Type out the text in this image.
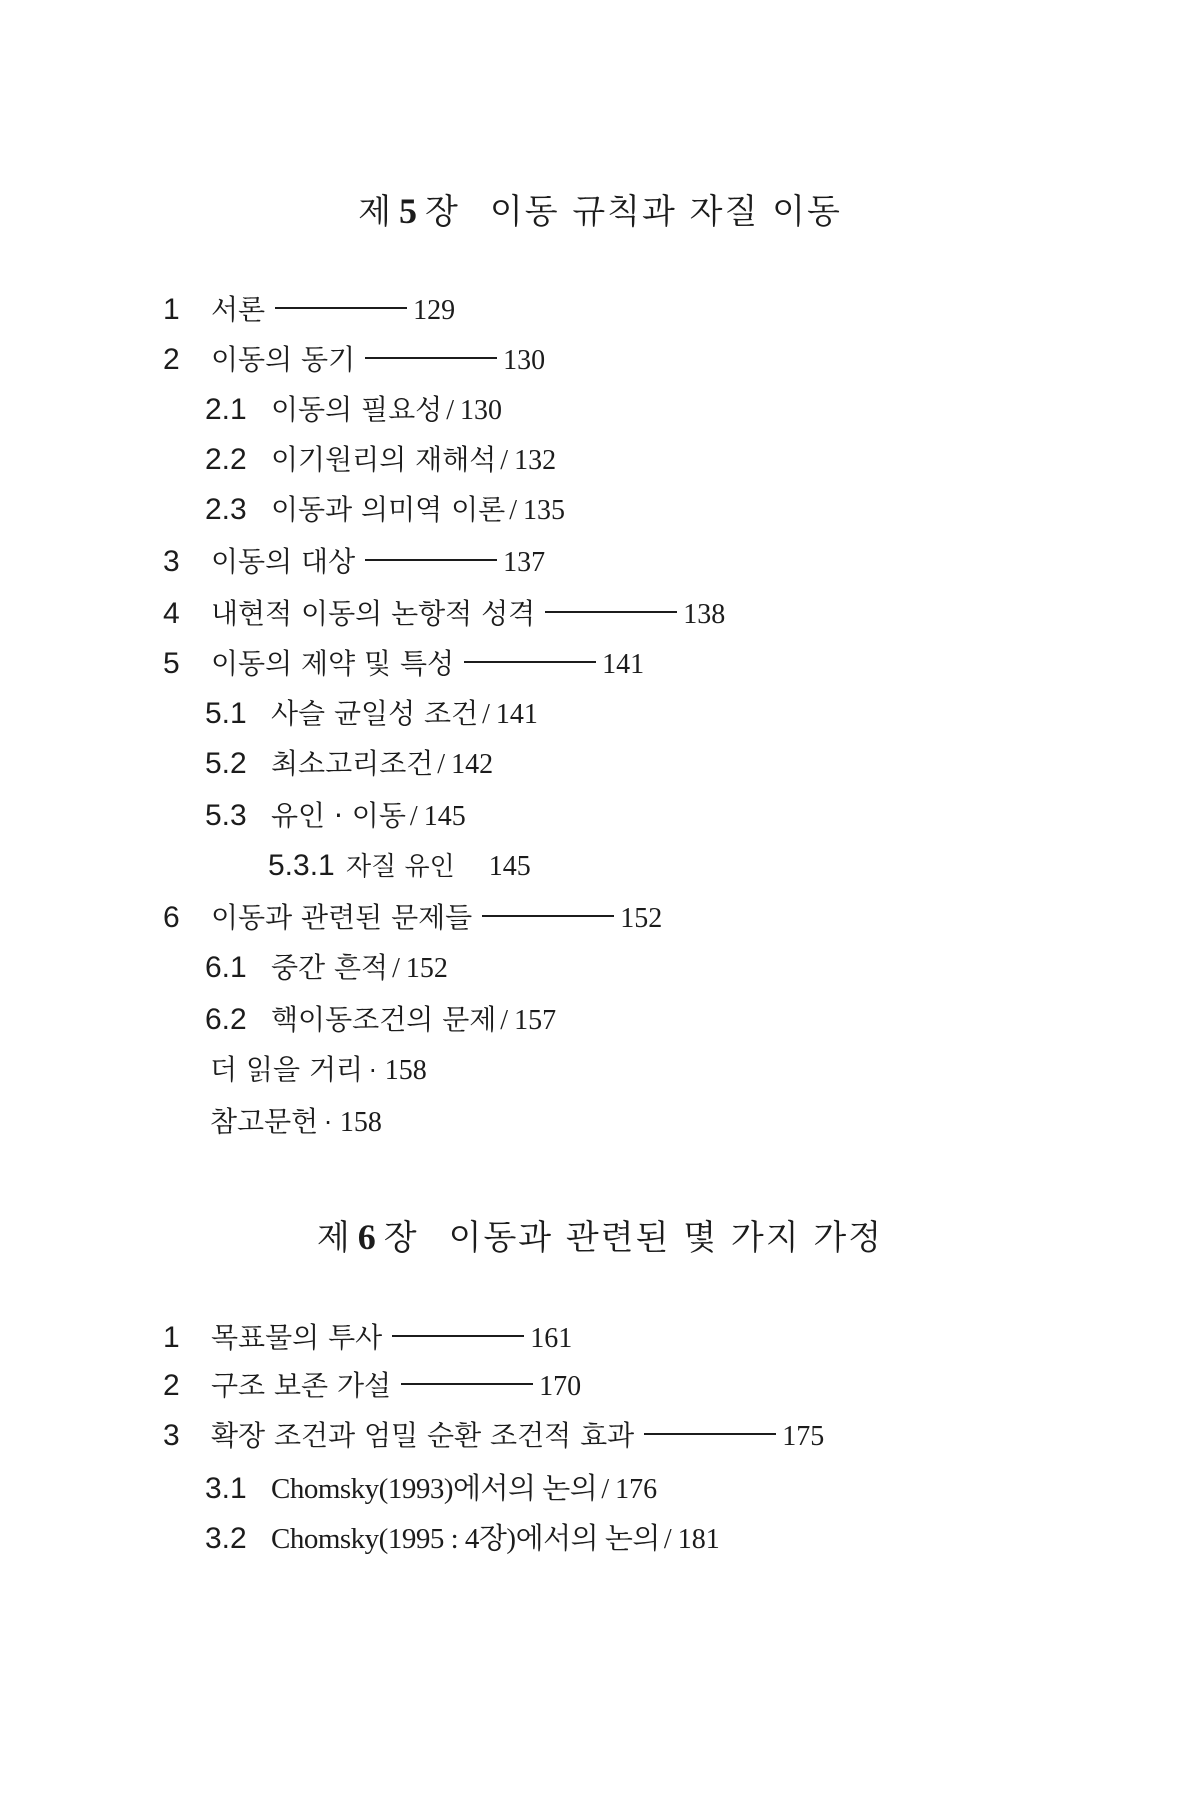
제 5 장 이동 규칙과 자질 이동
1	서론	129
2	이동의 동기	130
2.1 이동의 필요성 / 130
2.2 이기원리의 재해석 / 132
2.3 이동과 의미역 이론 / 135
3	이동의 대상	137
4	내현적 이동의 논항적 성격	138
5	이동의 제약 및 특성	141
5.1 사슬 균일성 조건 / 141
5.2 최소고리조건 / 142
5.3 유인 · 이동 / 145
5.3.1 자질 유인 145
6	이동과 관련된 문제들	152
6.1 중간 흔적 / 152
6.2 핵이동조건의 문제 / 157
더 읽을 거리 · 158
참고문헌 · 158
제 6 장 이동과 관련된 몇 가지 가정
1	목표물의 투사	161
2	구조 보존 가설	170
3	확장 조건과 엄밀 순환 조건적 효과	175
3.1 Chomsky(1993)에서의 논의 / 176
3.2 Chomsky(1995 : 4장)에서의 논의 / 181
